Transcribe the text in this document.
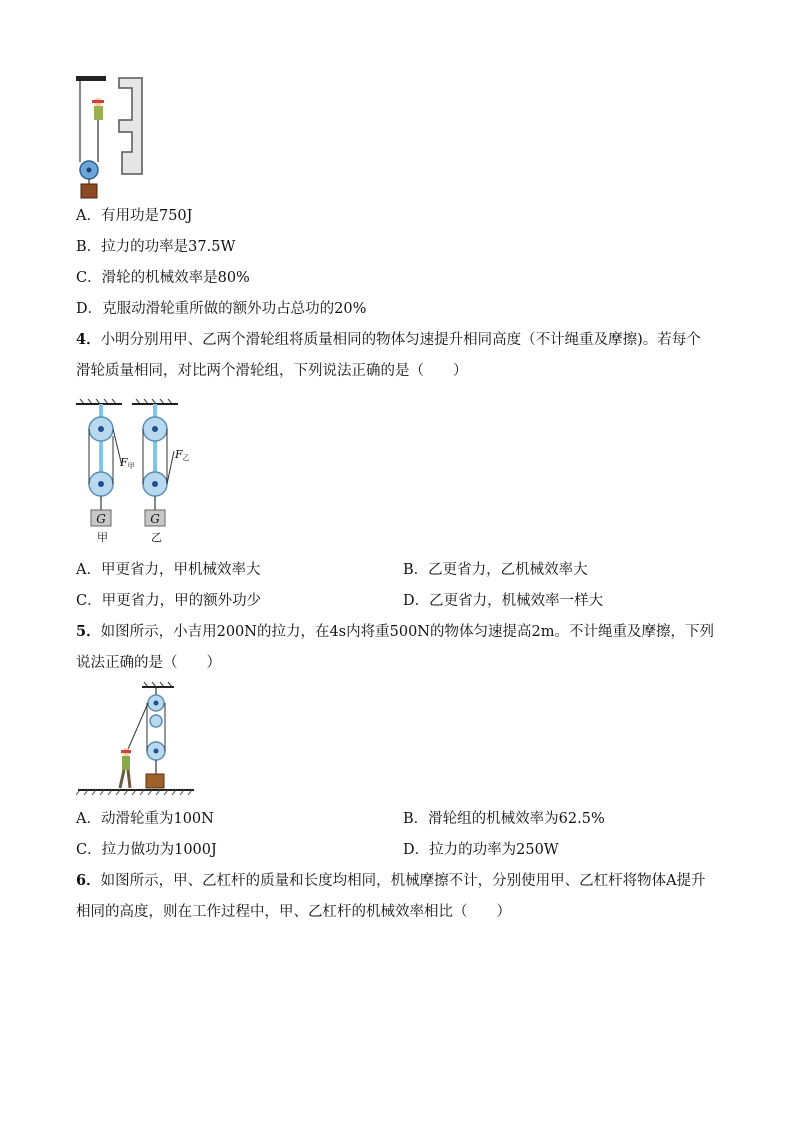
A．有用功是750J
B．拉力的功率是37.5W
C．滑轮的机械效率是80%
D．克服动滑轮重所做的额外功占总功的20%
4．小明分别用甲、乙两个滑轮组将质量相同的物体匀速提升相同高度（不计绳重及摩擦)。若每个
滑轮质量相同，对比两个滑轮组，下列说法正确的是（　　）
G
甲
F甲
G
乙
F乙
A．甲更省力，甲机械效率大	B．乙更省力，乙机械效率大
C．甲更省力，甲的额外功少	D．乙更省力，机械效率一样大
5．如图所示，小吉用200N的拉力，在4s内将重500N的物体匀速提高2m。不计绳重及摩擦，下列
说法正确的是（　　）
A．动滑轮重为100N	B．滑轮组的机械效率为62.5%
C．拉力做功为1000J	D．拉力的功率为250W
6．如图所示，甲、乙杠杆的质量和长度均相同，机械摩擦不计，分别使用甲、乙杠杆将物体A提升
相同的高度，则在工作过程中，甲、乙杠杆的机械效率相比（　　）
